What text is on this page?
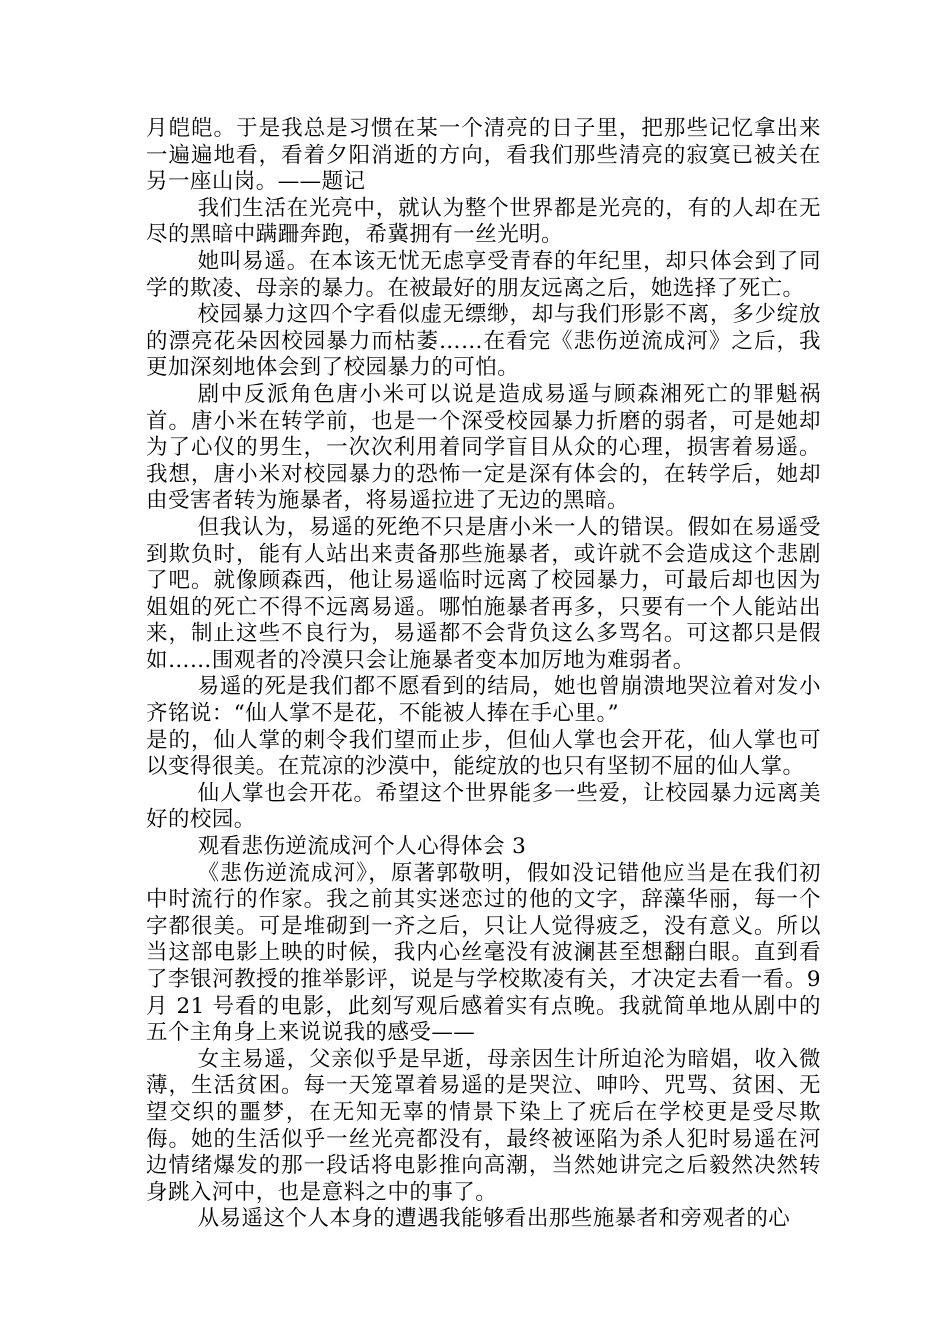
月皑皑。于是我总是习惯在某一个清亮的日子里，把那些记忆拿出来一遍遍地看，看着夕阳消逝的方向，看我们那些清亮的寂寞已被关在另一座山岗。——题记

我们生活在光亮中，就认为整个世界都是光亮的，有的人却在无尽的黑暗中蹒跚奔跑，希冀拥有一丝光明。

她叫易遥。在本该无忧无虑享受青春的年纪里，却只体会到了同学的欺凌、母亲的暴力。在被最好的朋友远离之后，她选择了死亡。

校园暴力这四个字看似虚无缥缈，却与我们形影不离，多少绽放的漂亮花朵因校园暴力而枯萎……在看完《悲伤逆流成河》之后，我更加深刻地体会到了校园暴力的可怕。

剧中反派角色唐小米可以说是造成易遥与顾森湘死亡的罪魁祸首。唐小米在转学前，也是一个深受校园暴力折磨的弱者，可是她却为了心仪的男生，一次次利用着同学盲目从众的心理，损害着易遥。我想，唐小米对校园暴力的恐怖一定是深有体会的，在转学后，她却由受害者转为施暴者，将易遥拉进了无边的黑暗。

但我认为，易遥的死绝不只是唐小米一人的错误。假如在易遥受到欺负时，能有人站出来责备那些施暴者，或许就不会造成这个悲剧了吧。就像顾森西，他让易遥临时远离了校园暴力，可最后却也因为姐姐的死亡不得不远离易遥。哪怕施暴者再多，只要有一个人能站出来，制止这些不良行为，易遥都不会背负这么多骂名。可这都只是假如……围观者的冷漠只会让施暴者变本加厉地为难弱者。

易遥的死是我们都不愿看到的结局，她也曾崩溃地哭泣着对发小齐铭说：“仙人掌不是花，不能被人捧在手心里。”

是的，仙人掌的刺令我们望而止步，但仙人掌也会开花，仙人掌也可以变得很美。在荒凉的沙漠中，能绽放的也只有坚韧不屈的仙人掌。

仙人掌也会开花。希望这个世界能多一些爱，让校园暴力远离美好的校园。

观看悲伤逆流成河个人心得体会 3

《悲伤逆流成河》，原著郭敬明，假如没记错他应当是在我们初中时流行的作家。我之前其实迷恋过的他的文字，辞藻华丽，每一个字都很美。可是堆砌到一齐之后，只让人觉得疲乏，没有意义。所以当这部电影上映的时候，我内心丝毫没有波澜甚至想翻白眼。直到看了李银河教授的推举影评，说是与学校欺凌有关，才决定去看一看。9 月 21 号看的电影，此刻写观后感着实有点晚。我就简单地从剧中的五个主角身上来说说我的感受——

女主易遥，父亲似乎是早逝，母亲因生计所迫沦为暗娼，收入微薄，生活贫困。每一天笼罩着易遥的是哭泣、呻吟、咒骂、贫困、无望交织的噩梦，在无知无辜的情景下染上了疣后在学校更是受尽欺侮。她的生活似乎一丝光亮都没有，最终被诬陷为杀人犯时易遥在河边情绪爆发的那一段话将电影推向高潮，当然她讲完之后毅然决然转身跳入河中，也是意料之中的事了。

从易遥这个人本身的遭遇我能够看出那些施暴者和旁观者的心
